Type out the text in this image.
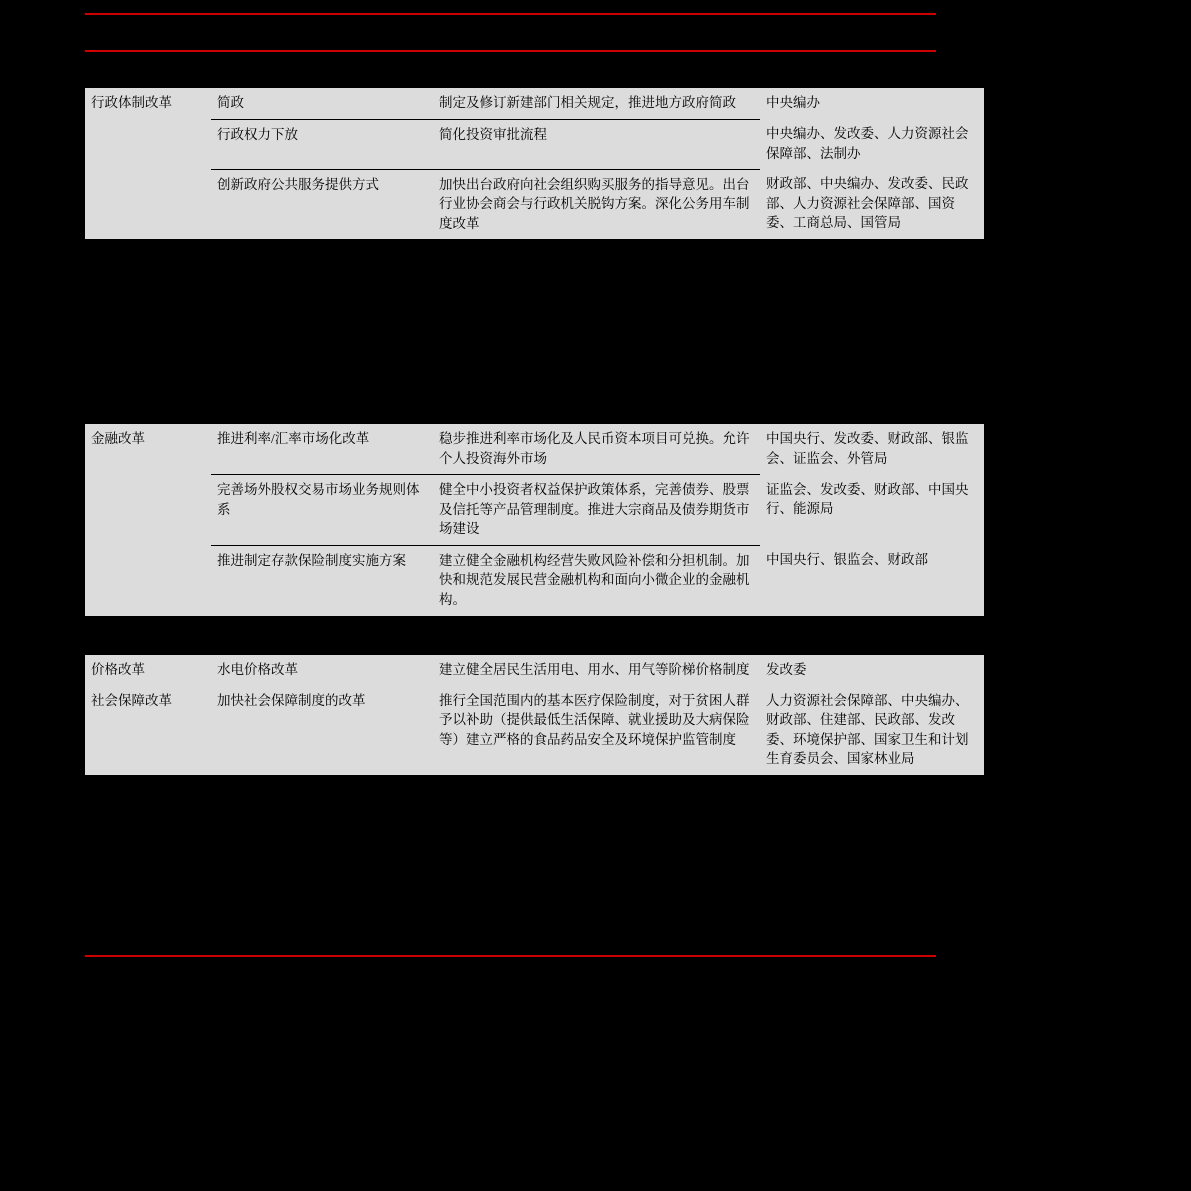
行政体制改革	简政	制定及修订新建部门相关规定，推进地方政府简政	中央编办
	行政权力下放	简化投资审批流程	中央编办、发改委、人力资源社会保障部、法制办
	创新政府公共服务提供方式	加快出台政府向社会组织购买服务的指导意见。出台行业协会商会与行政机关脱钩方案。深化公务用车制度改革	财政部、中央编办、发改委、民政部、人力资源社会保障部、国资委、工商总局、国管局
金融改革	推进利率/汇率市场化改革	稳步推进利率市场化及人民币资本项目可兑换。允许个人投资海外市场	中国央行、发改委、财政部、银监会、证监会、外管局
	完善场外股权交易市场业务规则体系	健全中小投资者权益保护政策体系，完善债券、股票及信托等产品管理制度。推进大宗商品及债券期货市场建设	证监会、发改委、财政部、中国央行、能源局
	推进制定存款保险制度实施方案	建立健全金融机构经营失败风险补偿和分担机制。加快和规范发展民营金融机构和面向小微企业的金融机构。	中国央行、银监会、财政部
价格改革	水电价格改革	建立健全居民生活用电、用水、用气等阶梯价格制度	发改委
社会保障改革	加快社会保障制度的改革	推行全国范围内的基本医疗保险制度，对于贫困人群予以补助（提供最低生活保障、就业援助及大病保险等）建立严格的食品药品安全及环境保护监管制度	人力资源社会保障部、中央编办、财政部、住建部、民政部、发改委、环境保护部、国家卫生和计划生育委员会、国家林业局
